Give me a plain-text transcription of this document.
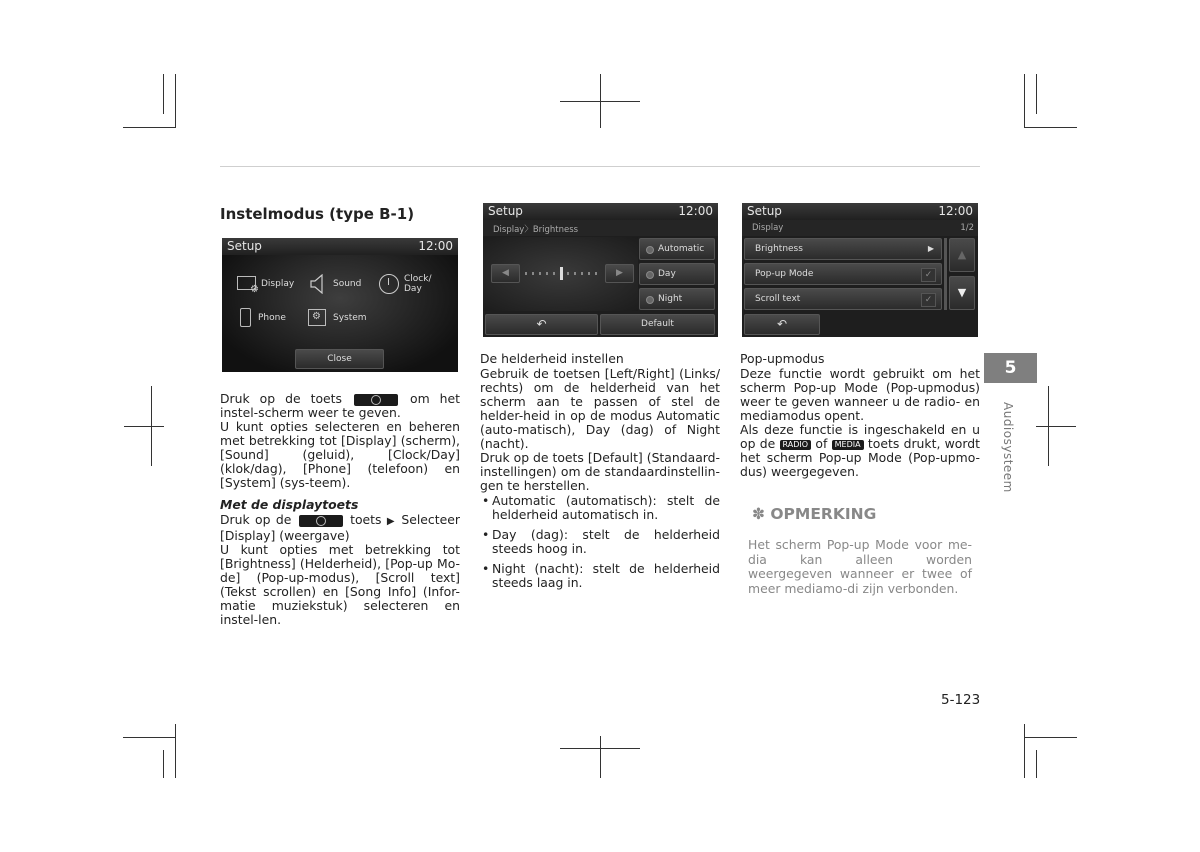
Instelmodus (type B-1)
Setup	12:00
⚙ Display	Sound	Clock/
Day
Phone	⚙ System
Close
Setup	12:00
Display〉Brightness
◀	▶
Automatic
Day
Night
↶	Default
Setup	12:00
Display	1/2
Brightness	▶
Pop-up Mode	✓
Scroll text	✓
▲
▼
↶

Druk op de toets	om het instel-scherm weer te geven.

U kunt opties selecteren en beheren met betrekking tot [Display] (scherm), [Sound] (geluid), [Clock/Day] (klok/dag), [Phone] (telefoon) en [System] (sys-teem).

Met de displaytoets

Druk op de	toets ▶ Selecteer [Display] (weergave)

U kunt opties met betrekking tot [Brightness] (Helderheid), [Pop-up Mo-de] (Pop-up-modus), [Scroll text] (Tekst scrollen) en [Song Info] (Infor-matie muziekstuk) selecteren en instel-len.

De helderheid instellen

Gebruik de toetsen [Left/Right] (Links/ rechts) om de helderheid van het scherm aan te passen of stel de helder-heid in op de modus Automatic (auto-matisch), Day (dag) of Night (nacht).

Druk op de toets [Default] (Standaard-instellingen) om de standaardinstellin-gen te herstellen.

• Automatic (automatisch): stelt de helderheid automatisch in.
• Day (dag): stelt de helderheid steeds hoog in.
• Night (nacht): stelt de helderheid steeds laag in.

Pop-upmodus

Deze functie wordt gebruikt om het scherm Pop-up Mode (Pop-upmodus) weer te geven wanneer u de radio- en mediamodus opent.

Als deze functie is ingeschakeld en u op de RADIO of MEDIA toets drukt, wordt het scherm Pop-up Mode (Pop-upmo-dus) weergegeven.

✽ OPMERKING
Het scherm Pop-up Mode voor me-dia kan alleen worden weergegeven wanneer er twee of meer mediamo-di zijn verbonden.
5
Audiosysteem
5-123
